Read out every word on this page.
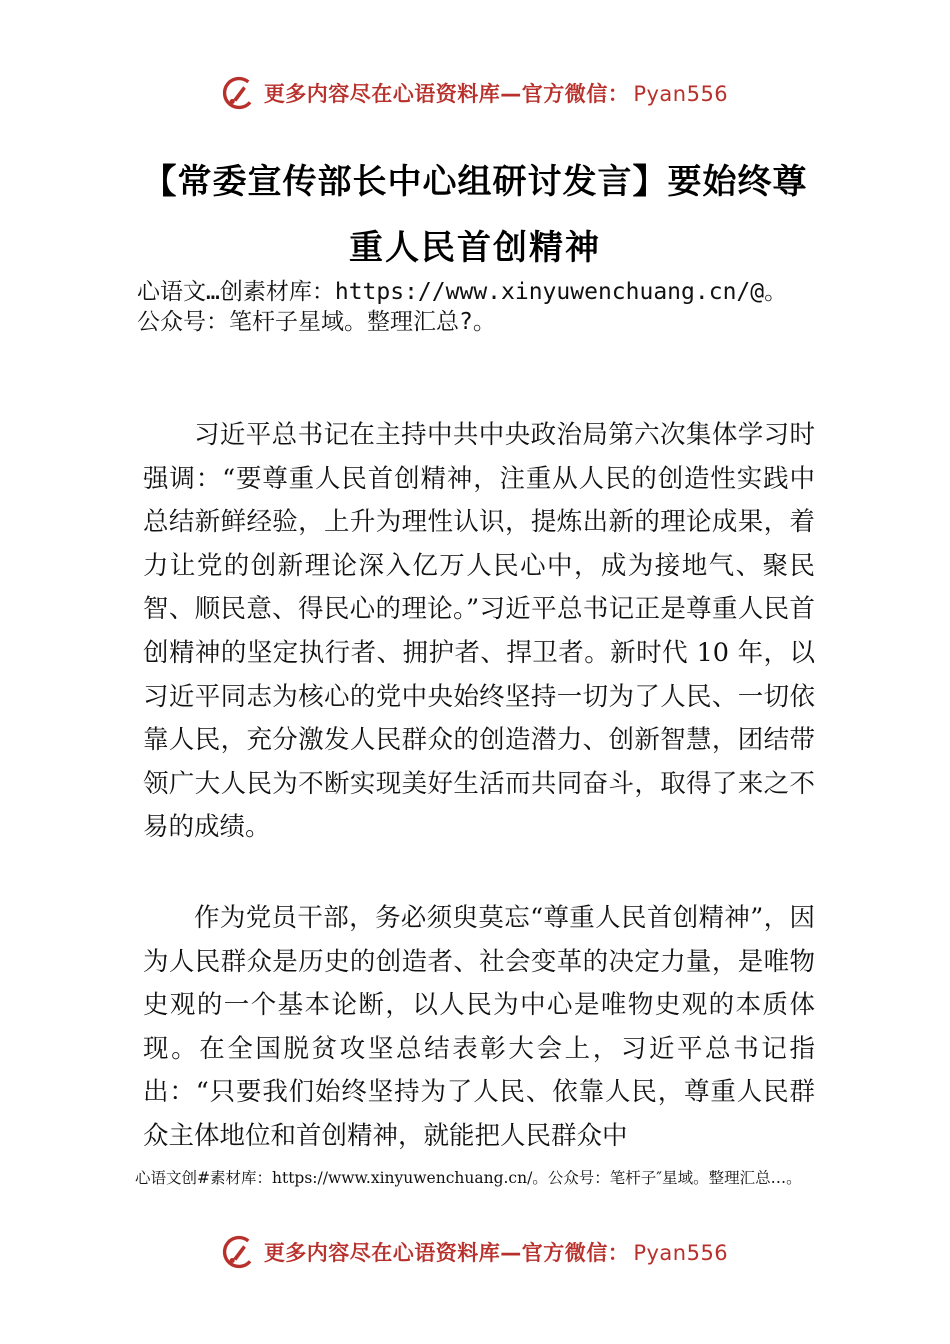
更多内容尽在心语资料库—官方微信： Pyan556
【常委宣传部长中心组研讨发言】要始终尊
重人民首创精神
心语文…创素材库：https://www.xinyuwenchuang.cn/@。
公众号：笔杆子星域。整理汇总?。
习近平总书记在主持中共中央政治局第六次集体学习时强调：“要尊重人民首创精神，注重从人民的创造性实践中总结新鲜经验，上升为理性认识，提炼出新的理论成果，着力让党的创新理论深入亿万人民心中，成为接地气、聚民智、顺民意、得民心的理论。”习近平总书记正是尊重人民首创精神的坚定执行者、拥护者、捍卫者。新时代 10 年，以习近平同志为核心的党中央始终坚持一切为了人民、一切依靠人民，充分激发人民群众的创造潜力、创新智慧，团结带领广大人民为不断实现美好生活而共同奋斗，取得了来之不易的成绩。
作为党员干部，务必须臾莫忘“尊重人民首创精神”，因为人民群众是历史的创造者、社会变革的决定力量，是唯物史观的一个基本论断，以人民为中心是唯物史观的本质体现。在全国脱贫攻坚总结表彰大会上，习近平总书记指出：“只要我们始终坚持为了人民、依靠人民，尊重人民群众主体地位和首创精神，就能把人民群众中
心语文创#素材库：https://www.xinyuwenchuang.cn/。公众号：笔杆子″星域。整理汇总…。
更多内容尽在心语资料库—官方微信： Pyan556
